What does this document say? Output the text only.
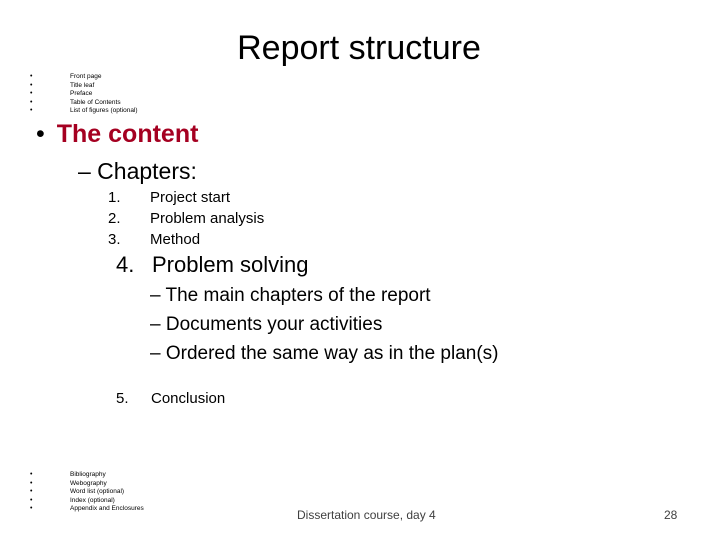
Report structure
•	Front page
•	Title leaf
•	Preface
•	Table of Contents
•	List of figures (optional)
• The content
– Chapters:
1.	Project start
2.	Problem analysis
3.	Method
4. Problem solving
– The main chapters of the report
– Documents your activities
– Ordered the same way as in the plan(s)
5.	Conclusion
•	Bibliography
•	Webography
•	Word list (optional)
•	Index (optional)
•	Appendix and Enclosures	Dissertation course, day 4	28
